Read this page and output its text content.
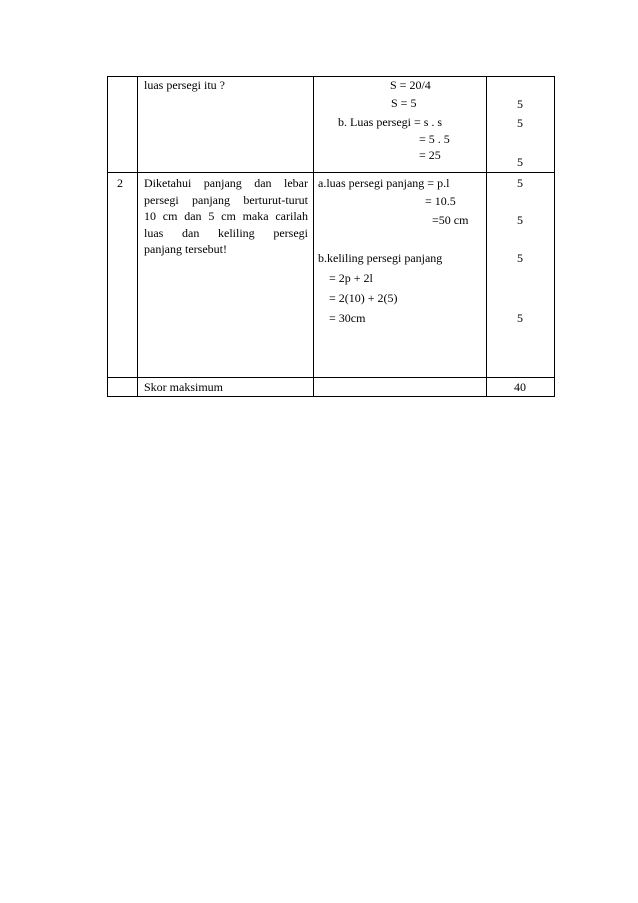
luas persegi itu ?	S = 20/4
S = 5
b. Luas persegi = s . s
= 5 . 5
= 25
5
5
5
2 Diketahui panjang dan lebar
persegi panjang berturut-turut
10 cm dan 5 cm maka carilah
luas dan keliling persegi
panjang tersebut!
a.luas persegi panjang = p.l
= 10.5
=50 cm
b.keliling persegi panjang
= 2p + 2l
= 2(10) + 2(5)
= 30cm
5
5
5
5
Skor maksimum	40
